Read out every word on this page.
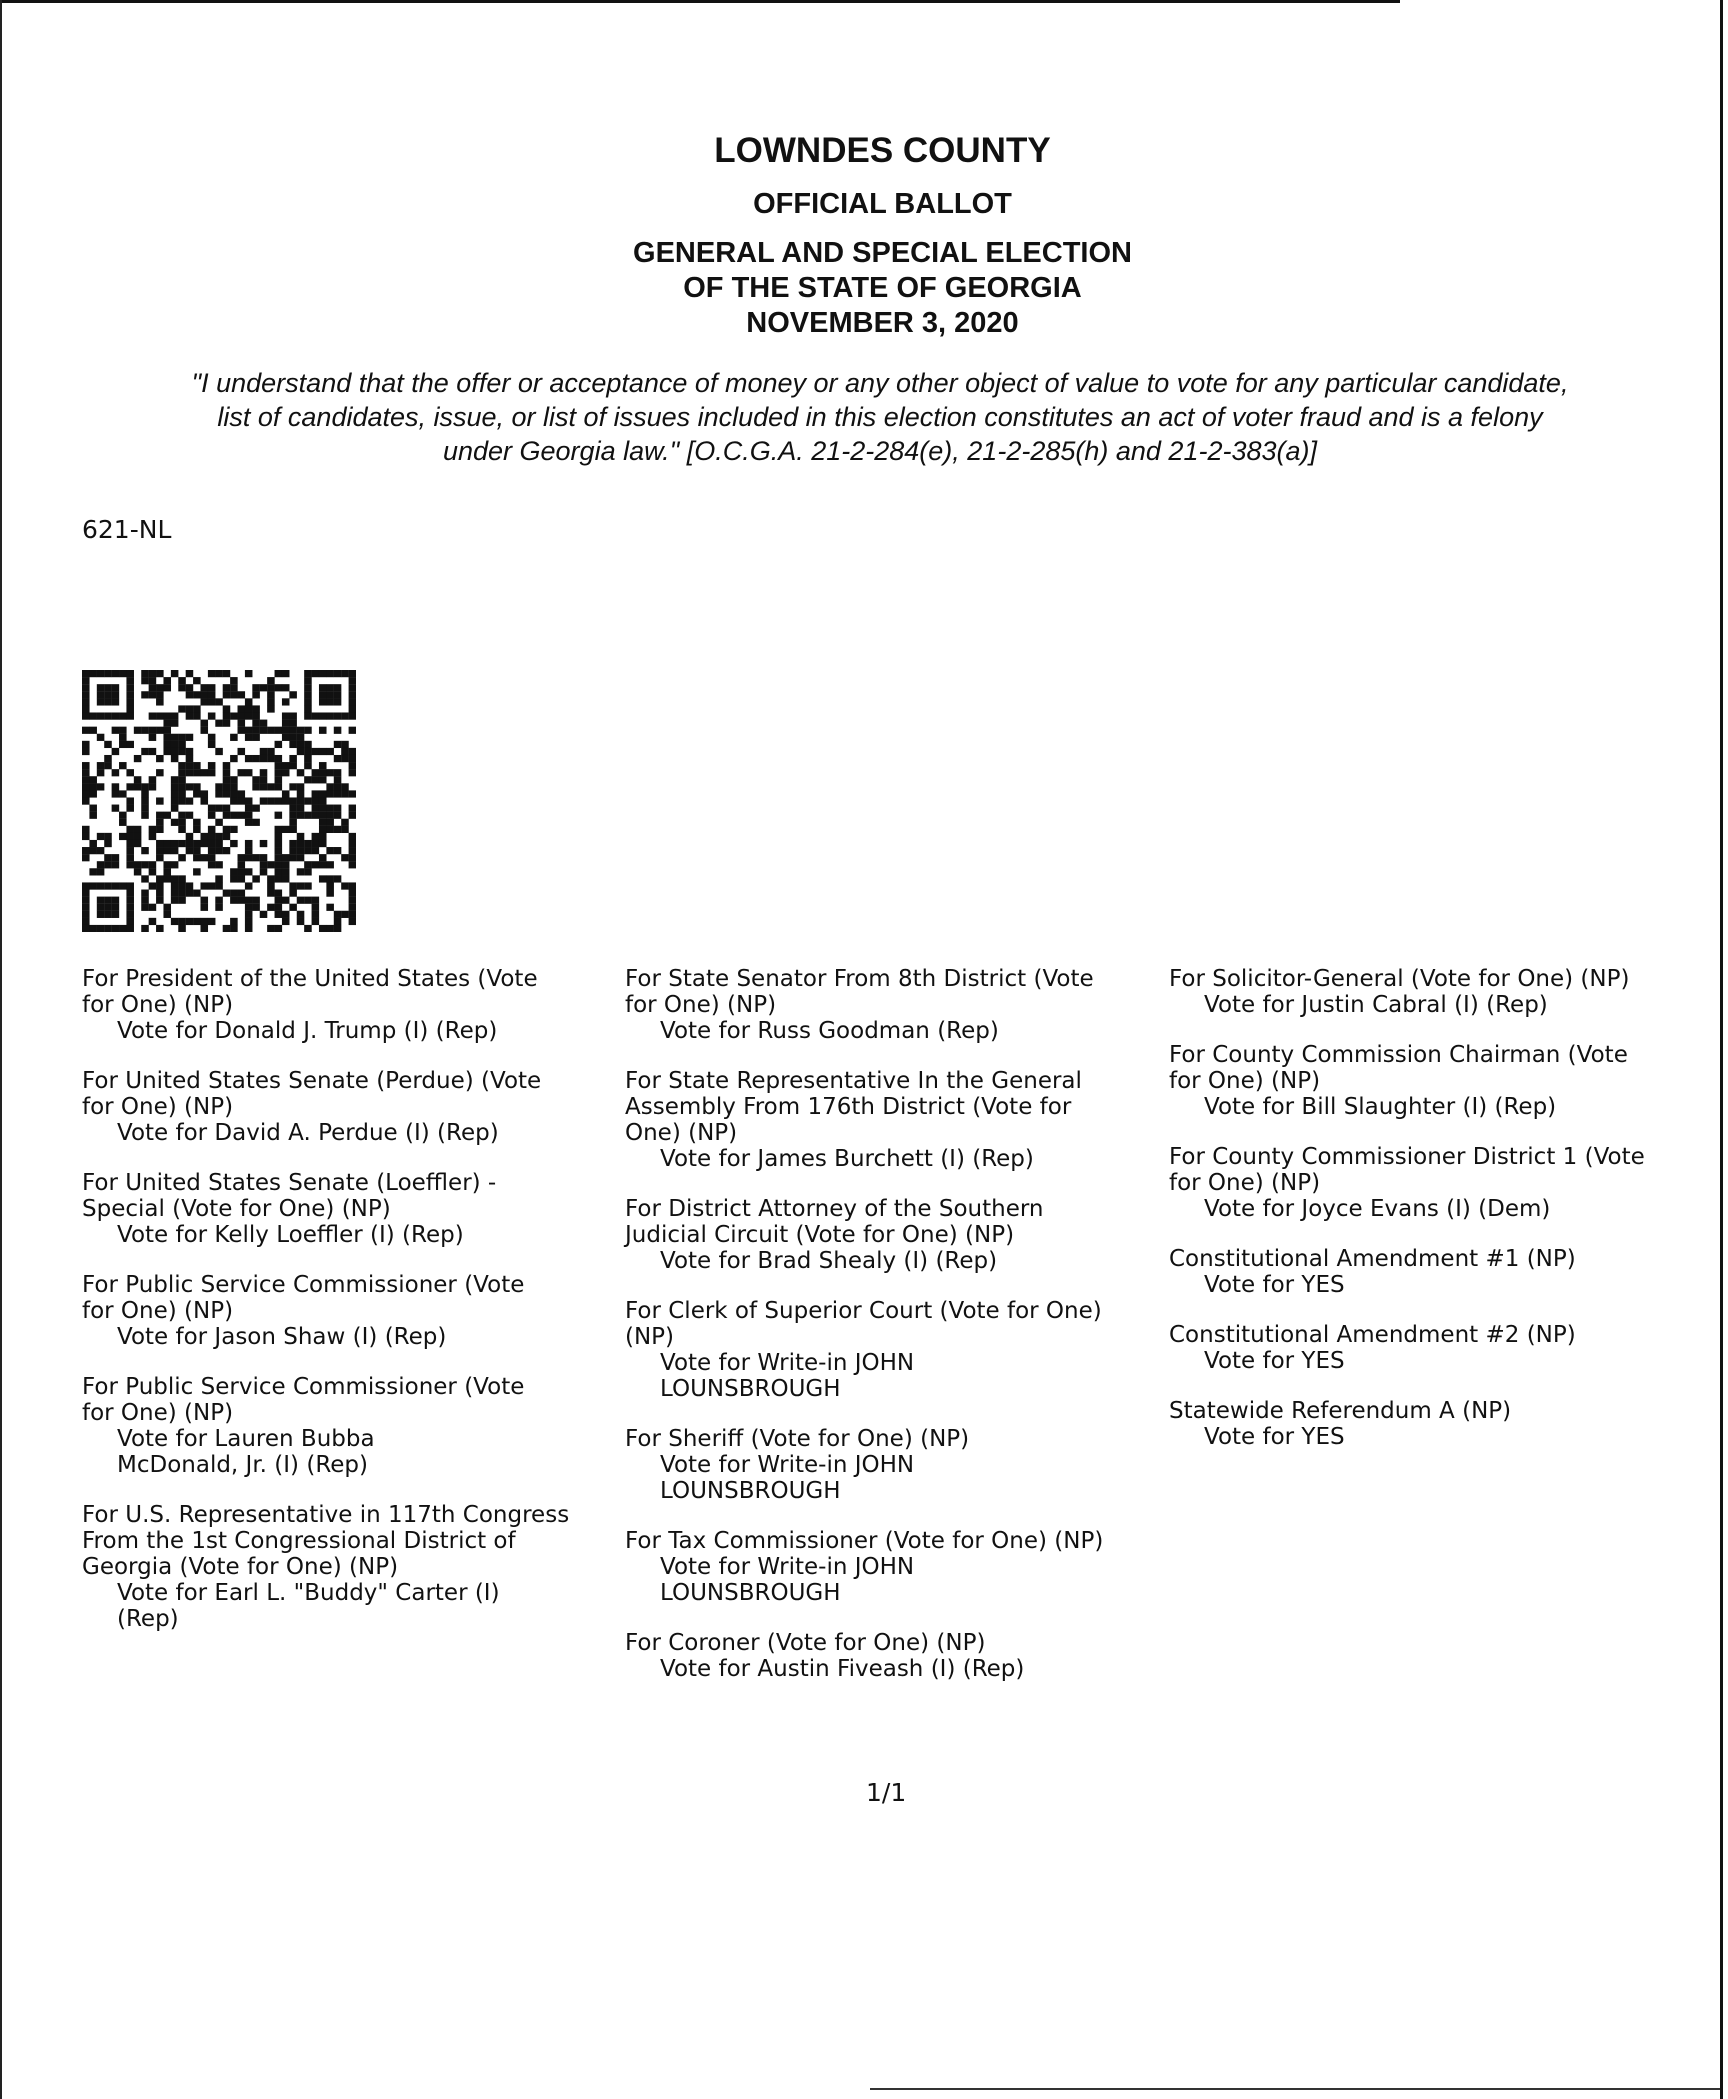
LOWNDES COUNTY
OFFICIAL BALLOT
GENERAL AND SPECIAL ELECTION
OF THE STATE OF GEORGIA
NOVEMBER 3, 2020
"I understand that the offer or acceptance of money or any other object of value to vote for any particular candidate,
list of candidates, issue, or list of issues included in this election constitutes an act of voter fraud and is a felony
under Georgia law." [O.C.G.A. 21-2-284(e), 21-2-285(h) and 21-2-383(a)]
621-NL
For President of the United States (Vote
for One) (NP)
Vote for Donald J. Trump (I) (Rep)
For United States Senate (Perdue) (Vote
for One) (NP)
Vote for David A. Perdue (I) (Rep)
For United States Senate (Loeffler) -
Special (Vote for One) (NP)
Vote for Kelly Loeffler (I) (Rep)
For Public Service Commissioner (Vote
for One) (NP)
Vote for Jason Shaw (I) (Rep)
For Public Service Commissioner (Vote
for One) (NP)
Vote for Lauren Bubba
McDonald, Jr. (I) (Rep)
For U.S. Representative in 117th Congress
From the 1st Congressional District of
Georgia (Vote for One) (NP)
Vote for Earl L. "Buddy" Carter (I)
(Rep)
For State Senator From 8th District (Vote
for One) (NP)
Vote for Russ Goodman (Rep)
For State Representative In the General
Assembly From 176th District (Vote for
One) (NP)
Vote for James Burchett (I) (Rep)
For District Attorney of the Southern
Judicial Circuit (Vote for One) (NP)
Vote for Brad Shealy (I) (Rep)
For Clerk of Superior Court (Vote for One)
(NP)
Vote for Write-in JOHN
LOUNSBROUGH
For Sheriff (Vote for One) (NP)
Vote for Write-in JOHN
LOUNSBROUGH
For Tax Commissioner (Vote for One) (NP)
Vote for Write-in JOHN
LOUNSBROUGH
For Coroner (Vote for One) (NP)
Vote for Austin Fiveash (I) (Rep)
For Solicitor-General (Vote for One) (NP)
Vote for Justin Cabral (I) (Rep)
For County Commission Chairman (Vote
for One) (NP)
Vote for Bill Slaughter (I) (Rep)
For County Commissioner District 1 (Vote
for One) (NP)
Vote for Joyce Evans (I) (Dem)
Constitutional Amendment #1 (NP)
Vote for YES
Constitutional Amendment #2 (NP)
Vote for YES
Statewide Referendum A (NP)
Vote for YES
1/1
